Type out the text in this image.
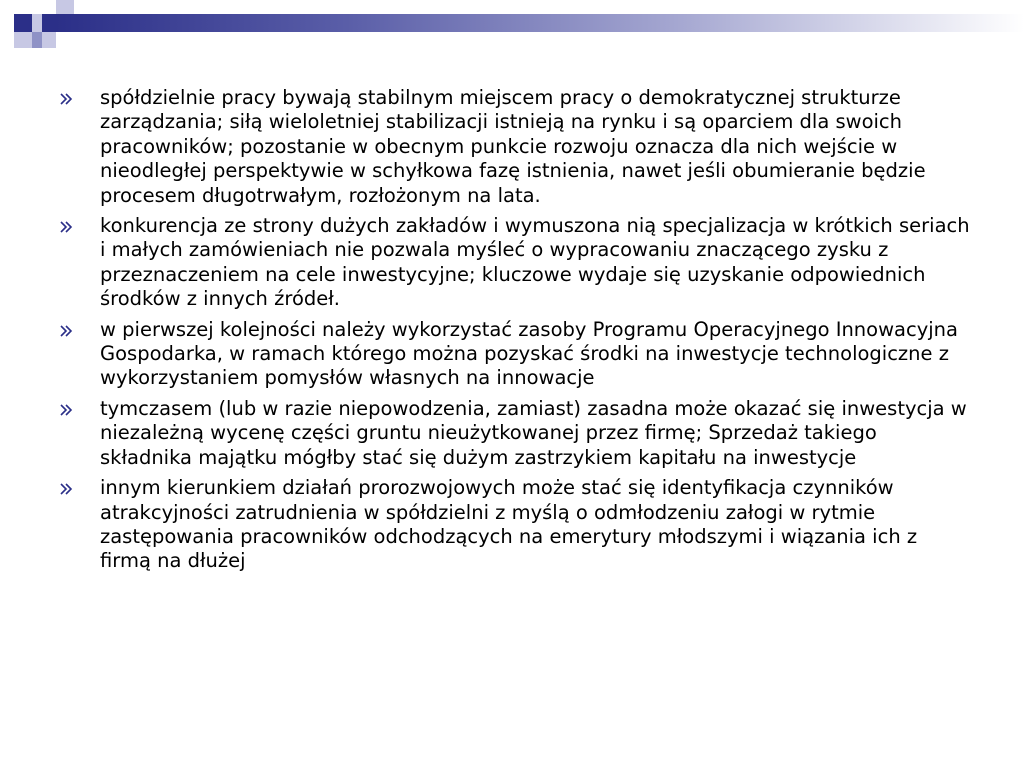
spółdzielnie pracy bywają stabilnym miejscem pracy o demokratycznej strukturze zarządzania; siłą wieloletniej stabilizacji istnieją na rynku i są oparciem dla swoich pracowników; pozostanie w obecnym punkcie rozwoju oznacza dla nich wejście w nieodległej perspektywie w schyłkowa fazę istnienia, nawet jeśli obumieranie będzie procesem długotrwałym, rozłożonym na lata.
konkurencja ze strony dużych zakładów i wymuszona nią specjalizacja w krótkich seriach i małych zamówieniach nie pozwala myśleć o wypracowaniu znaczącego zysku z przeznaczeniem na cele inwestycyjne; kluczowe wydaje się uzyskanie odpowiednich środków z innych źródeł.
w pierwszej kolejności należy wykorzystać zasoby Programu Operacyjnego Innowacyjna Gospodarka, w ramach którego można pozyskać środki na inwestycje technologiczne z wykorzystaniem pomysłów własnych na innowacje
tymczasem (lub w razie niepowodzenia, zamiast) zasadna może okazać się inwestycja w niezależną wycenę części gruntu nieużytkowanej przez firmę; Sprzedaż takiego składnika majątku mógłby stać się dużym zastrzykiem kapitału na inwestycje
innym kierunkiem działań prorozwojowych może stać się identyfikacja czynników atrakcyjności zatrudnienia w spółdzielni z myślą o odmłodzeniu załogi w rytmie zastępowania pracowników odchodzących na emerytury młodszymi i wiązania ich z firmą na dłużej
